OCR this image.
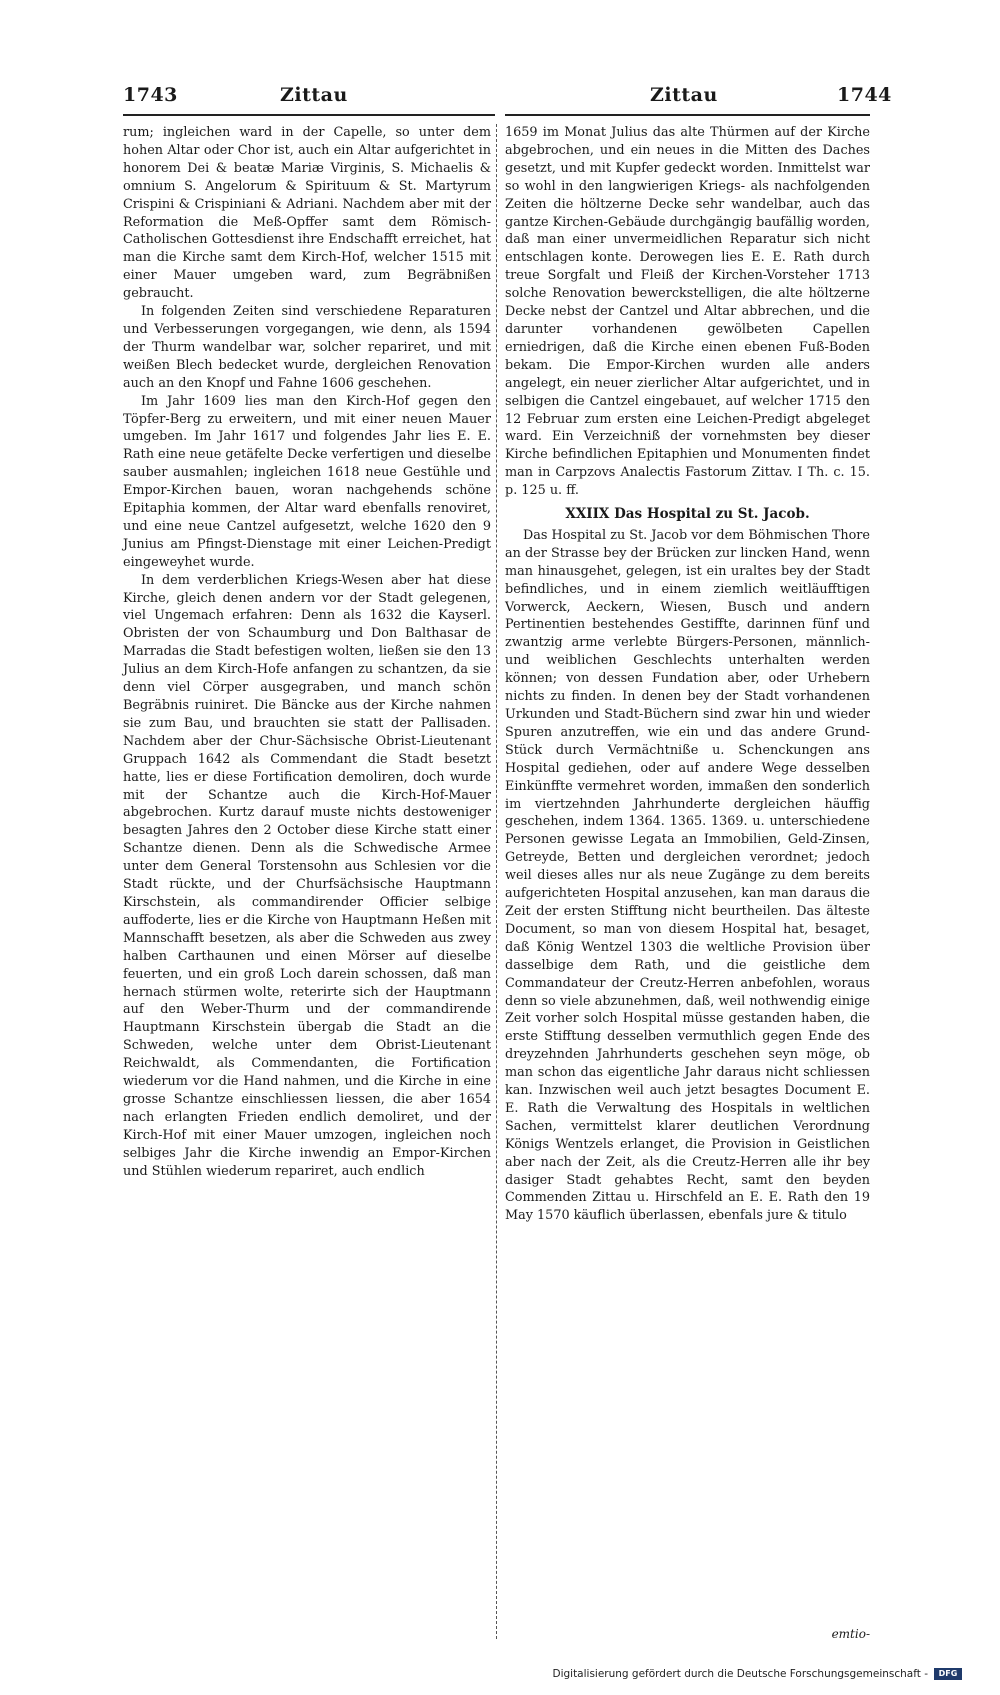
1743	Zittau	Zittau	1744

rum; ingleichen ward in der Capelle, so unter dem hohen Altar oder Chor ist, auch ein Altar aufgerichtet in honorem Dei & beatæ Mariæ Virginis, S. Michaelis & omnium S. Angelorum & Spirituum & St. Martyrum Crispini & Crispiniani & Adriani. Nachdem aber mit der Reformation die Meß-Opffer samt dem Römisch-Catholischen Gottesdienst ihre Endschafft erreichet, hat man die Kirche samt dem Kirch-Hof, welcher 1515 mit einer Mauer umgeben ward, zum Begräbnißen gebraucht.

In folgenden Zeiten sind verschiedene Reparaturen und Verbesserungen vorgegangen, wie denn, als 1594 der Thurm wandelbar war, solcher repariret, und mit weißen Blech bedecket wurde, dergleichen Renovation auch an den Knopf und Fahne 1606 geschehen.

Im Jahr 1609 lies man den Kirch-Hof gegen den Töpfer-Berg zu erweitern, und mit einer neuen Mauer umgeben. Im Jahr 1617 und folgendes Jahr lies E. E. Rath eine neue getäfelte Decke verfertigen und dieselbe sauber ausmahlen; ingleichen 1618 neue Gestühle und Empor-Kirchen bauen, woran nachgehends schöne Epitaphia kommen, der Altar ward ebenfalls renoviret, und eine neue Cantzel aufgesetzt, welche 1620 den 9 Junius am Pfingst-Dienstage mit einer Leichen-Predigt eingeweyhet wurde.

In dem verderblichen Kriegs-Wesen aber hat diese Kirche, gleich denen andern vor der Stadt gelegenen, viel Ungemach erfahren: Denn als 1632 die Kayserl. Obristen der von Schaumburg und Don Balthasar de Marradas die Stadt befestigen wolten, ließen sie den 13 Julius an dem Kirch-Hofe anfangen zu schantzen, da sie denn viel Cörper ausgegraben, und manch schön Begräbnis ruiniret. Die Bäncke aus der Kirche nahmen sie zum Bau, und brauchten sie statt der Pallisaden. Nachdem aber der Chur-Sächsische Obrist-Lieutenant Gruppach 1642 als Commendant die Stadt besetzt hatte, lies er diese Fortification demoliren, doch wurde mit der Schantze auch die Kirch-Hof-Mauer abgebrochen. Kurtz darauf muste nichts destoweniger besagten Jahres den 2 October diese Kirche statt einer Schantze dienen. Denn als die Schwedische Armee unter dem General Torstensohn aus Schlesien vor die Stadt rückte, und der Churfsächsische Hauptmann Kirschstein, als commandirender Officier selbige auffoderte, lies er die Kirche von Hauptmann Heßen mit Mannschafft besetzen, als aber die Schweden aus zwey halben Carthaunen und einen Mörser auf dieselbe feuerten, und ein groß Loch darein schossen, daß man hernach stürmen wolte, reterirte sich der Hauptmann auf den Weber-Thurm und der commandirende Hauptmann Kirschstein übergab die Stadt an die Schweden, welche unter dem Obrist-Lieutenant Reichwaldt, als Commendanten, die Fortification wiederum vor die Hand nahmen, und die Kirche in eine grosse Schantze einschliessen liessen, die aber 1654 nach erlangten Frieden endlich demoliret, und der Kirch-Hof mit einer Mauer umzogen, ingleichen noch selbiges Jahr die Kirche inwendig an Empor-Kirchen und Stühlen wiederum repariret, auch endlich

1659 im Monat Julius das alte Thürmen auf der Kirche abgebrochen, und ein neues in die Mitten des Daches gesetzt, und mit Kupfer gedeckt worden. Inmittelst war so wohl in den langwierigen Kriegs- als nachfolgenden Zeiten die höltzerne Decke sehr wandelbar, auch das gantze Kirchen-Gebäude durchgängig baufällig worden, daß man einer unvermeidlichen Reparatur sich nicht entschlagen konte. Derowegen lies E. E. Rath durch treue Sorgfalt und Fleiß der Kirchen-Vorsteher 1713 solche Renovation bewerckstelligen, die alte höltzerne Decke nebst der Cantzel und Altar abbrechen, und die darunter vorhandenen gewölbeten Capellen erniedrigen, daß die Kirche einen ebenen Fuß-Boden bekam. Die Empor-Kirchen wurden alle anders angelegt, ein neuer zierlicher Altar aufgerichtet, und in selbigen die Cantzel eingebauet, auf welcher 1715 den 12 Februar zum ersten eine Leichen-Predigt abgeleget ward. Ein Verzeichniß der vornehmsten bey dieser Kirche befindlichen Epitaphien und Monumenten findet man in Carpzovs Analectis Fastorum Zittav. I Th. c. 15. p. 125 u. ff.

XXIIX Das Hospital zu St. Jacob.

Das Hospital zu St. Jacob vor dem Böhmischen Thore an der Strasse bey der Brücken zur lincken Hand, wenn man hinausgehet, gelegen, ist ein uraltes bey der Stadt befindliches, und in einem ziemlich weitläufftigen Vorwerck, Aeckern, Wiesen, Busch und andern Pertinentien bestehendes Gestiffte, darinnen fünf und zwantzig arme verlebte Bürgers-Personen, männlich- und weiblichen Geschlechts unterhalten werden können; von dessen Fundation aber, oder Urhebern nichts zu finden. In denen bey der Stadt vorhandenen Urkunden und Stadt-Büchern sind zwar hin und wieder Spuren anzutreffen, wie ein und das andere Grund-Stück durch Vermächtniße u. Schenckungen ans Hospital gediehen, oder auf andere Wege desselben Einkünffte vermehret worden, immaßen den sonderlich im viertzehnden Jahrhunderte dergleichen häuffig geschehen, indem 1364. 1365. 1369. u. unterschiedene Personen gewisse Legata an Immobilien, Geld-Zinsen, Getreyde, Betten und dergleichen verordnet; jedoch weil dieses alles nur als neue Zugänge zu dem bereits aufgerichteten Hospital anzusehen, kan man daraus die Zeit der ersten Stifftung nicht beurtheilen. Das älteste Document, so man von diesem Hospital hat, besaget, daß König Wentzel 1303 die weltliche Provision über dasselbige dem Rath, und die geistliche dem Commandateur der Creutz-Herren anbefohlen, woraus denn so viele abzunehmen, daß, weil nothwendig einige Zeit vorher solch Hospital müsse gestanden haben, die erste Stifftung desselben vermuthlich gegen Ende des dreyzehnden Jahrhunderts geschehen seyn möge, ob man schon das eigentliche Jahr daraus nicht schliessen kan. Inzwischen weil auch jetzt besagtes Document E. E. Rath die Verwaltung des Hospitals in weltlichen Sachen, vermittelst klarer deutlichen Verordnung Königs Wentzels erlanget, die Provision in Geistlichen aber nach der Zeit, als die Creutz-Herren alle ihr bey dasiger Stadt gehabtes Recht, samt den beyden Commenden Zittau u. Hirschfeld an E. E. Rath den 19 May 1570 käuflich überlassen, ebenfals jure & titulo

emtio-
Digitalisierung gefördert durch die Deutsche Forschungsgemeinschaft -	DFG
